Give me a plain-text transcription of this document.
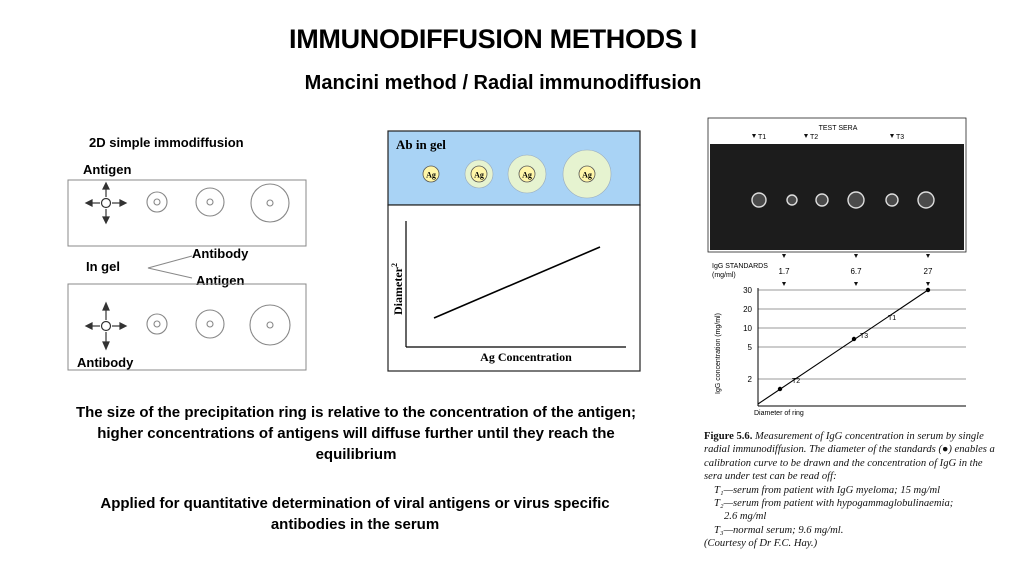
IMMUNODIFFUSION METHODS I
Mancini method / Radial immunodiffusion
2D simple immodiffusion
Antigen
Antibody
In gel
Antigen
Antibody
Ab in gel
Ag	Ag	Ag	Ag
Diameter$^2$
Ag Concentration
TEST SERA
T1	T2	T3
IgG STANDARDS
(mg/ml)	1.7	6.7	27
30
20
10
5
2
IgG concentration (mg/ml)	T2
T3
T1
Diameter of ring

Figure 5.6. Measurement of IgG concentration in serum by single radial immunodiffusion. The diameter of the standards (●) enables a calibration curve to be drawn and the concentration of IgG in the sera under test can be read off:

T₁—serum from patient with IgG myeloma; 15 mg/ml

T₂—serum from patient with hypogammaglobulinaemia;

2.6 mg/ml

T₃—normal serum; 9.6 mg/ml.

(Courtesy of Dr F.C. Hay.)

The size of the precipitation ring is relative to the concentration of the antigen; higher concentrations of antigens will diffuse further until they reach the equilibrium
Applied for quantitative determination of viral antigens or virus specific antibodies in the serum
